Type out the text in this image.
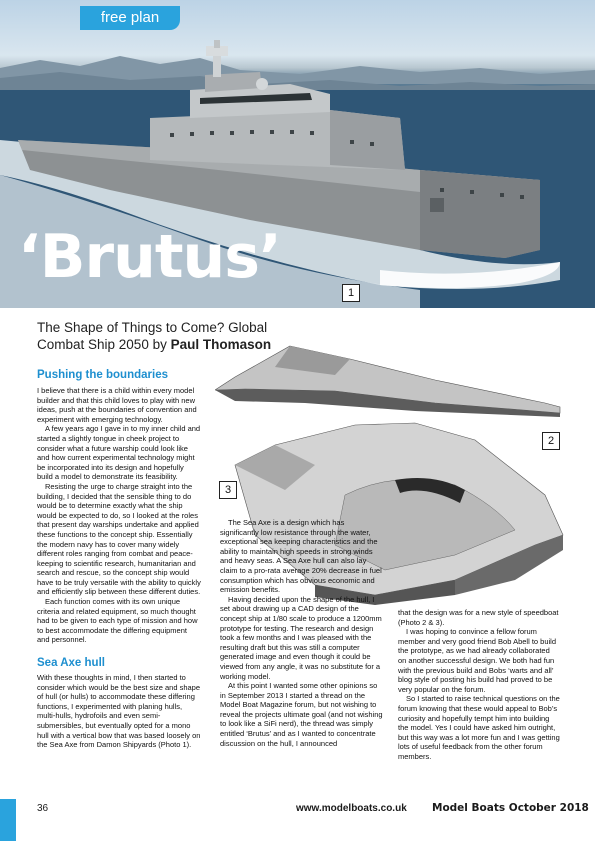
free plan
‘Brutus’
1
The Shape of Things to Come? Global Combat Ship 2050 by Paul Thomason
2
3
Pushing the boundaries

I believe that there is a child within every model builder and that this child loves to play with new ideas, push at the boundaries of convention and experiment with emerging technology.

A few years ago I gave in to my inner child and started a slightly tongue in cheek project to consider what a future warship could look like and how current experimental technology might be incorporated into its design and hopefully build a model to demonstrate its feasibility.

Resisting the urge to charge straight into the building, I decided that the sensible thing to do would be to determine exactly what the ship would be expected to do, so I looked at the roles that present day warships undertake and applied these functions to the concept ship. Essentially the modern navy has to cover many widely different roles ranging from combat and peace-keeping to scientific research, humanitarian and search and rescue, so the concept ship would have to be truly versatile with the ability to quickly and efficiently slip between these different duties.

Each function comes with its own unique criteria and related equipment, so much thought had to be given to each type of mission and how to best accommodate the differing equipment and personnel.

Sea Axe hull

With these thoughts in mind, I then started to consider which would be the best size and shape of hull (or hulls) to accommodate these differing functions, I experimented with planing hulls, multi-hulls, hydrofoils and even semi-submersibles, but eventually opted for a mono hull with a vertical bow that was based loosely on the Sea Axe from Damon Shipyards (Photo 1).

The Sea Axe is a design which has significantly low resistance through the water, exceptional sea keeping characteristics and the ability to maintain high speeds in strong winds and heavy seas. A Sea Axe hull can also lay claim to a pro-rata average 20% decrease in fuel consumption which has obvious economic and emission benefits.

Having decided upon the shape of the hull, I set about drawing up a CAD design of the concept ship at 1/80 scale to produce a 1200mm prototype for testing. The research and design took a few months and I was pleased with the resulting draft but this was still a computer generated image and even though it could be viewed from any angle, it was no substitute for a working model.

At this point I wanted some other opinions so in September 2013 I started a thread on the Model Boat Magazine forum, but not wishing to reveal the projects ultimate goal (and not wishing to look like a SiFi nerd), the thread was simply entitled ‘Brutus’ and as I wanted to concentrate discussion on the hull, I announced

that the design was for a new style of speedboat (Photo 2 & 3).

I was hoping to convince a fellow forum member and very good friend Bob Abell to build the prototype, as we had already collaborated on another successful design. We both had fun with the previous build and Bobs ‘warts and all’ blog style of posting his build had proved to be very popular on the forum.

So I started to raise technical questions on the forum knowing that these would appeal to Bob’s curiosity and hopefully tempt him into building the model. Yes I could have asked him outright, but this way was a lot more fun and I was getting lots of useful feedback from the other forum members.

36	www.modelboats.co.uk Model Boats October 2018
